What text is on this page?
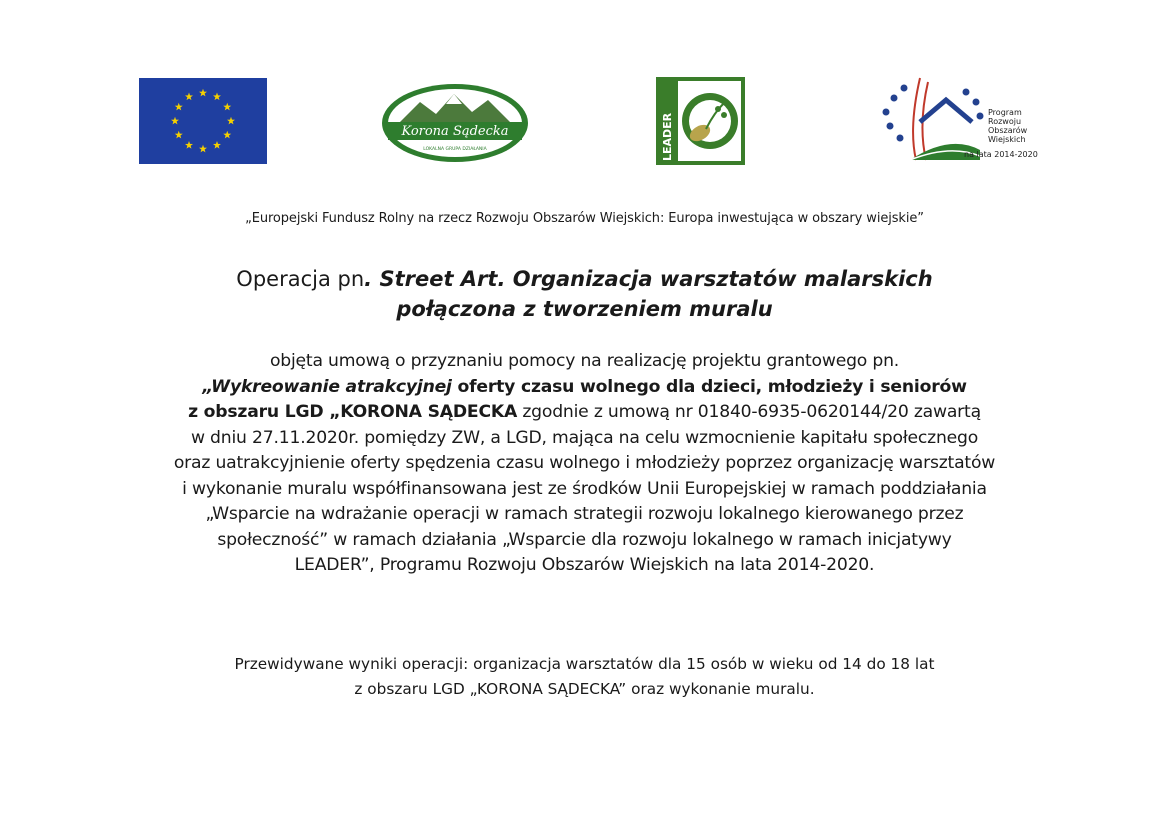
Korona Sądecka
LOKALNA GRUPA DZIAŁANIA	LEADER
Program
Rozwoju
Obszarów
Wiejskich
na lata 2014-2020
„Europejski Fundusz Rolny na rzecz Rozwoju Obszarów Wiejskich: Europa inwestująca w obszary wiejskie”
Operacja pn. Street Art. Organizacja warsztatów malarskich
połączona z tworzeniem muralu
objęta umową o przyznaniu pomocy na realizację projektu grantowego pn.
„Wykreowanie atrakcyjnej oferty czasu wolnego dla dzieci, młodzieży i seniorów
z obszaru LGD „KORONA SĄDECKA zgodnie z umową nr 01840-6935-0620144/20 zawartą
w dniu 27.11.2020r. pomiędzy ZW, a LGD, mająca na celu wzmocnienie kapitału społecznego
oraz uatrakcyjnienie oferty spędzenia czasu wolnego i młodzieży poprzez organizację warsztatów
i wykonanie muralu współfinansowana jest ze środków Unii Europejskiej w ramach poddziałania
„Wsparcie na wdrażanie operacji w ramach strategii rozwoju lokalnego kierowanego przez
społeczność” w ramach działania „Wsparcie dla rozwoju lokalnego w ramach inicjatywy
LEADER”, Programu Rozwoju Obszarów Wiejskich na lata 2014-2020.
Przewidywane wyniki operacji: organizacja warsztatów dla 15 osób w wieku od 14 do 18 lat
z obszaru LGD „KORONA SĄDECKA” oraz wykonanie muralu.
